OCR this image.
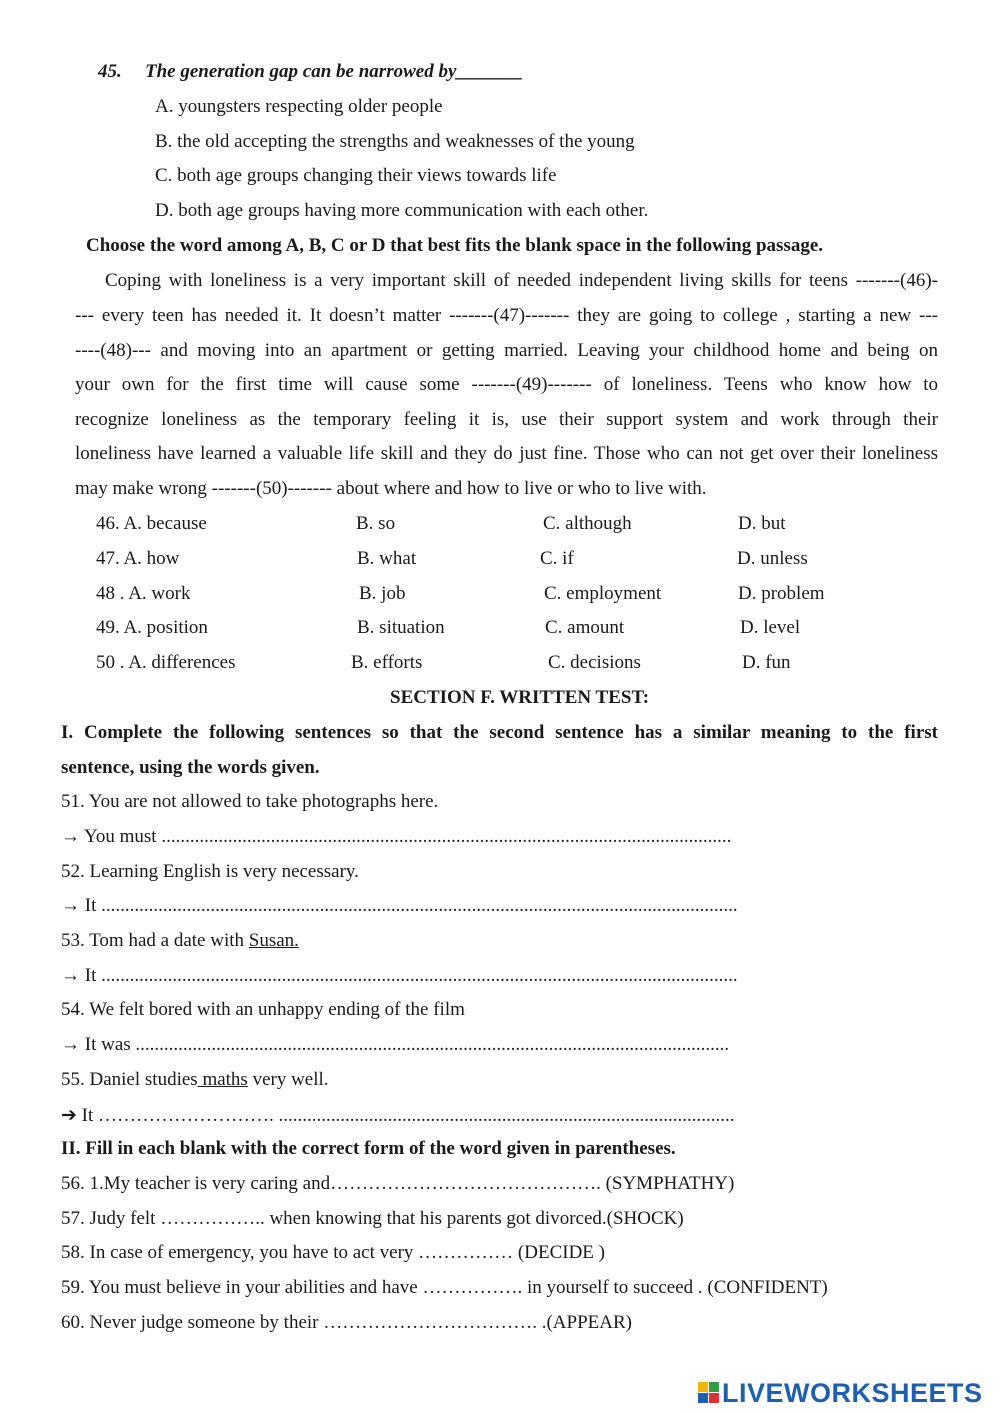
45. The generation gap can be narrowed by_______
A. youngsters respecting older people
B. the old accepting the strengths and weaknesses of the young
C. both age groups changing their views towards life
D. both age groups having more communication with each other.
Choose the word among A, B, C or D that best fits the blank space in the following passage.
Coping with loneliness is a very important skill of needed independent living skills for teens -------(46)-
--- every teen has needed it. It doesn’t matter -------(47)------- they are going to college , starting a new ---
----(48)--- and moving into an apartment or getting married. Leaving your childhood home and being on
your own for the first time will cause some -------(49)------- of loneliness. Teens who know how to
recognize loneliness as the temporary feeling it is, use their support system and work through their
loneliness have learned a valuable life skill and they do just fine. Those who can not get over their loneliness
may make wrong -------(50)------- about where and how to live or who to live with.
46. A. because	B. so	C. although	D. but
47. A. how	B. what	C. if	D. unless
48 . A. work	B. job	C. employment	D. problem
49. A. position	B. situation	C. amount	D. level
50 . A. differences	B. efforts	C. decisions	D. fun
SECTION F. WRITTEN TEST:
I. Complete the following sentences so that the second sentence has a similar meaning to the first
sentence, using the words given.
51. You are not allowed to take photographs here.
→ You must ........................................................................................................................
52. Learning English is very necessary.
→ It ......................................................................................................................................
53. Tom had a date with Susan.
→ It ......................................................................................................................................
54. We felt bored with an unhappy ending of the film
→ It was .............................................................................................................................
55. Daniel studies maths very well.
➔ It ………………………. ................................................................................................
II. Fill in each blank with the correct form of the word given in parentheses.
56. 1.My teacher is very caring and……………………………………. (SYMPHATHY)
57. Judy felt …………….. when knowing that his parents got divorced.(SHOCK)
58. In case of emergency, you have to act very …………… (DECIDE )
59. You must believe in your abilities and have ……………. in yourself to succeed . (CONFIDENT)
60. Never judge someone by their ……………………………. .(APPEAR)
LIVEWORKSHEETS
